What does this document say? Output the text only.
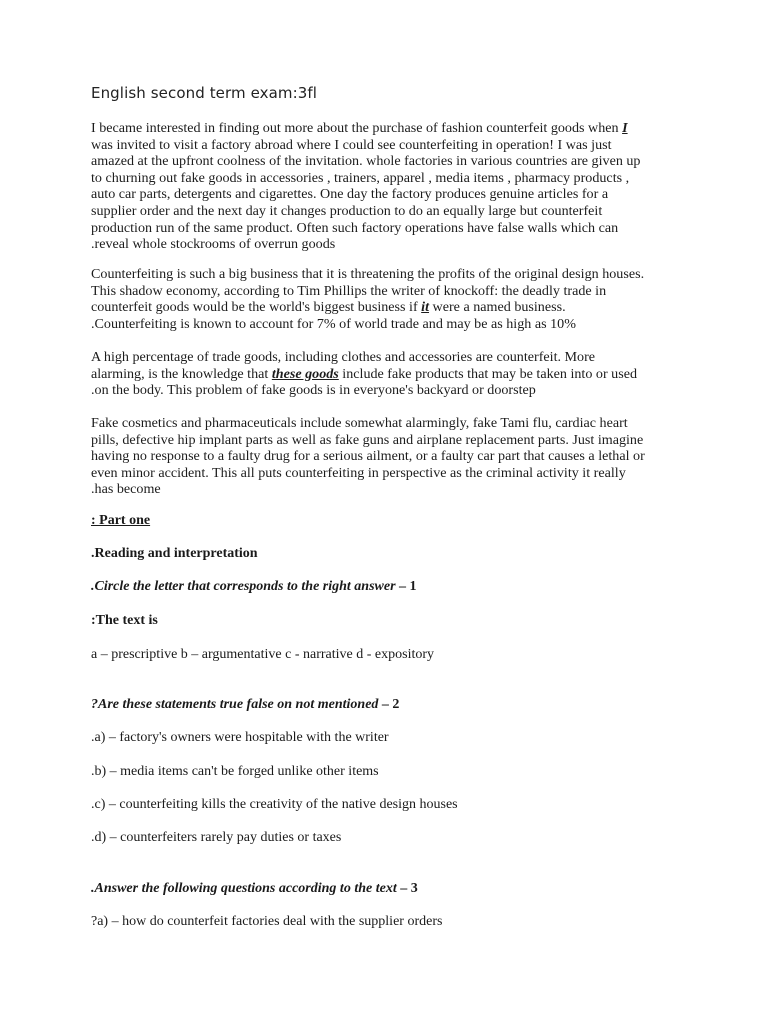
English second term exam:3fl
I became interested in finding out more about the purchase of fashion counterfeit goods when I
was invited to visit a factory abroad where I could see counterfeiting in operation! I was just
amazed at the upfront coolness of the invitation. whole factories in various countries are given up
to churning out fake goods in accessories , trainers, apparel , media items , pharmacy products ,
auto car parts, detergents and cigarettes. One day the factory produces genuine articles for a
supplier order and the next day it changes production to do an equally large but counterfeit
production run of the same product. Often such factory operations have false walls which can
.reveal whole stockrooms of overrun goods
Counterfeiting is such a big business that it is threatening the profits of the original design houses.
This shadow economy, according to Tim Phillips the writer of knockoff: the deadly trade in
counterfeit goods would be the world's biggest business if it were a named business.
.Counterfeiting is known to account for 7% of world trade and may be as high as 10%
A high percentage of trade goods, including clothes and accessories are counterfeit. More
alarming, is the knowledge that these goods include fake products that may be taken into or used
.on the body. This problem of fake goods is in everyone's backyard or doorstep
Fake cosmetics and pharmaceuticals include somewhat alarmingly, fake Tami flu, cardiac heart
pills, defective hip implant parts as well as fake guns and airplane replacement parts. Just imagine
having no response to a faulty drug for a serious ailment, or a faulty car part that causes a lethal or
even minor accident. This all puts counterfeiting in perspective as the criminal activity it really
.has become
: Part one
.Reading and interpretation
.Circle the letter that corresponds to the right answer – 1
:The text is
a – prescriptive b – argumentative c - narrative d - expository
?Are these statements true false on not mentioned – 2
.a) – factory's owners were hospitable with the writer
.b) – media items can't be forged unlike other items
.c) – counterfeiting kills the creativity of the native design houses
.d) – counterfeiters rarely pay duties or taxes
.Answer the following questions according to the text – 3
?a) – how do counterfeit factories deal with the supplier orders
